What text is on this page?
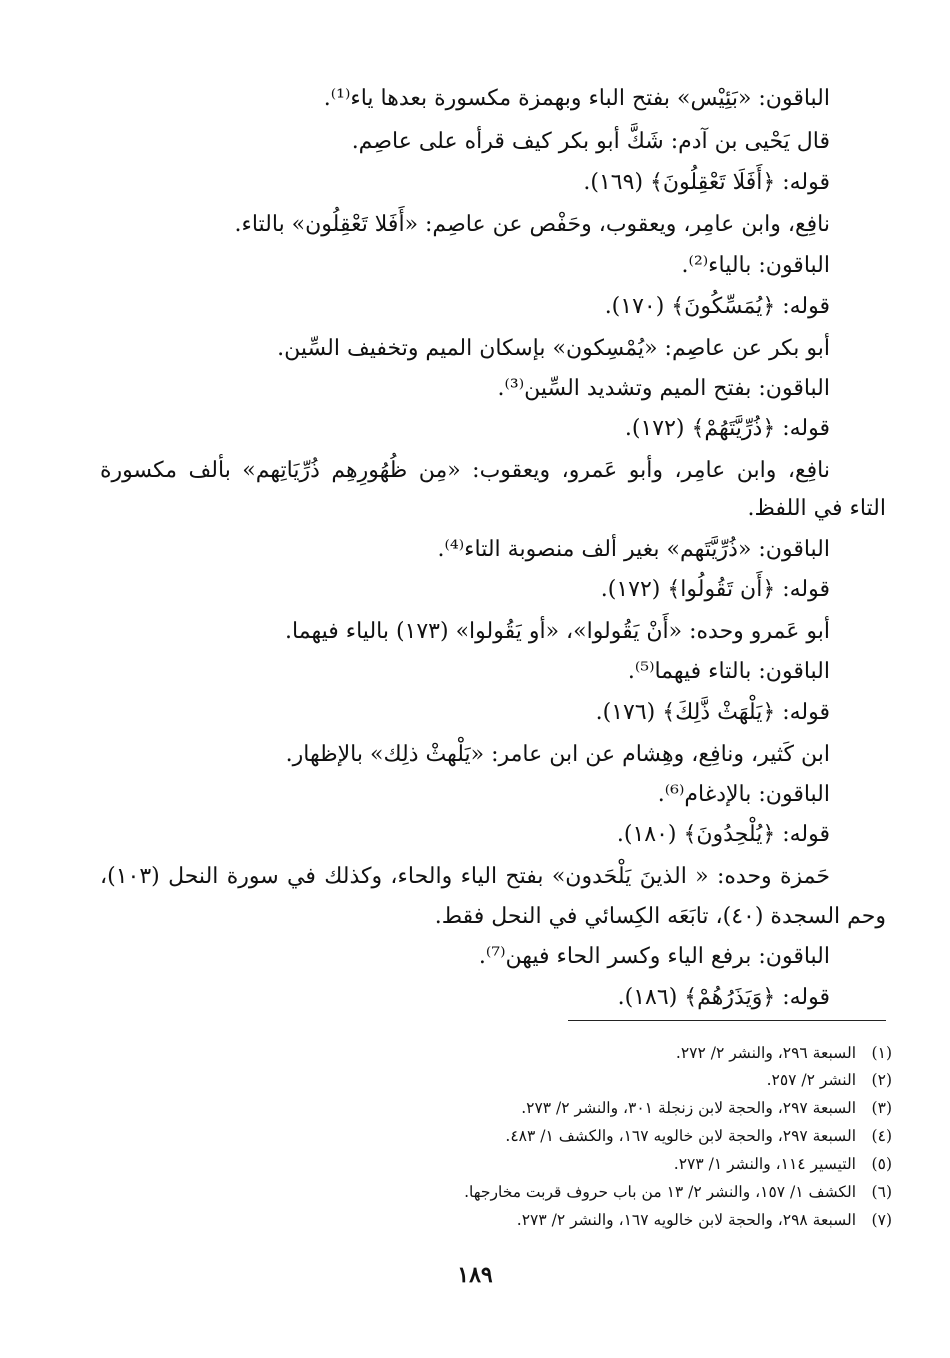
الباقون: «بَئِيْس» بفتح الباء وبهمزة مكسورة بعدها ياء⁽¹⁾.
قال يَحْيى بن آدم: شَكَّ أبو بكر كيف قرأه على عاصِم.
قوله: ﴿أَفَلَا تَعْقِلُونَ﴾ (١٦٩).
نافِع، وابن عامِر، ويعقوب، وحَفْص عن عاصِم: «أَفَلا تَعْقِلُون» بالتاء.
الباقون: بالياء⁽²⁾.
قوله: ﴿يُمَسِّكُونَ﴾ (١٧٠).
أبو بكر عن عاصِم: «يُمْسِكون» بإسكان الميم وتخفيف السِّين.
الباقون: بفتح الميم وتشديد السِّين⁽³⁾.
قوله: ﴿ذُرِّيَّتَهُمْ﴾ (١٧٢).
نافِع، وابن عامِر، وأبو عَمرو، ويعقوب: «مِن ظُهُورِهِم ذُرِّيَاتِهم» بألف مكسورة
التاء في اللفظ.
الباقون: «ذُرِّيَّتَهم» بغير ألف منصوبة التاء⁽⁴⁾.
قوله: ﴿أَن تَقُولُوا﴾ (١٧٢).
أبو عَمرو وحده: «أَنْ يَقُولوا»، «أو يَقُولوا» (١٧٣) بالياء فيهما.
الباقون: بالتاء فيهما⁽⁵⁾.
قوله: ﴿يَلْهَثْ ذَّلِكَ﴾ (١٧٦).
ابن كَثير، ونافِع، وهِشام عن ابن عامر: «يَلْهثْ ذلِك» بالإظهار.
الباقون: بالإدغام⁽⁶⁾.
قوله: ﴿يُلْحِدُونَ﴾ (١٨٠).
حَمزة وحده: « الذينَ يَلْحَدون» بفتح الياء والحاء، وكذلك في سورة النحل (١٠٣)،
وحم السجدة (٤٠)، تابَعَه الكِسائي في النحل فقط.
الباقون: برفع الياء وكسر الحاء فيهن⁽⁷⁾.
قوله: ﴿وَيَذَرُهُمْ﴾ (١٨٦).
(١)السبعة ٢٩٦، والنشر ٢/ ٢٧٢.
(٢)النشر ٢/ ٢٥٧.
(٣)السبعة ٢٩٧، والحجة لابن زنجلة ٣٠١، والنشر ٢/ ٢٧٣.
(٤)السبعة ٢٩٧، والحجة لابن خالويه ١٦٧، والكشف ١/ ٤٨٣.
(٥)التيسير ١١٤، والنشر ١/ ٢٧٣.
(٦)الكشف ١/ ١٥٧، والنشر ٢/ ١٣ من باب حروف قربت مخارجها.
(٧)السبعة ٢٩٨، والحجة لابن خالويه ١٦٧، والنشر ٢/ ٢٧٣.
١٨٩
